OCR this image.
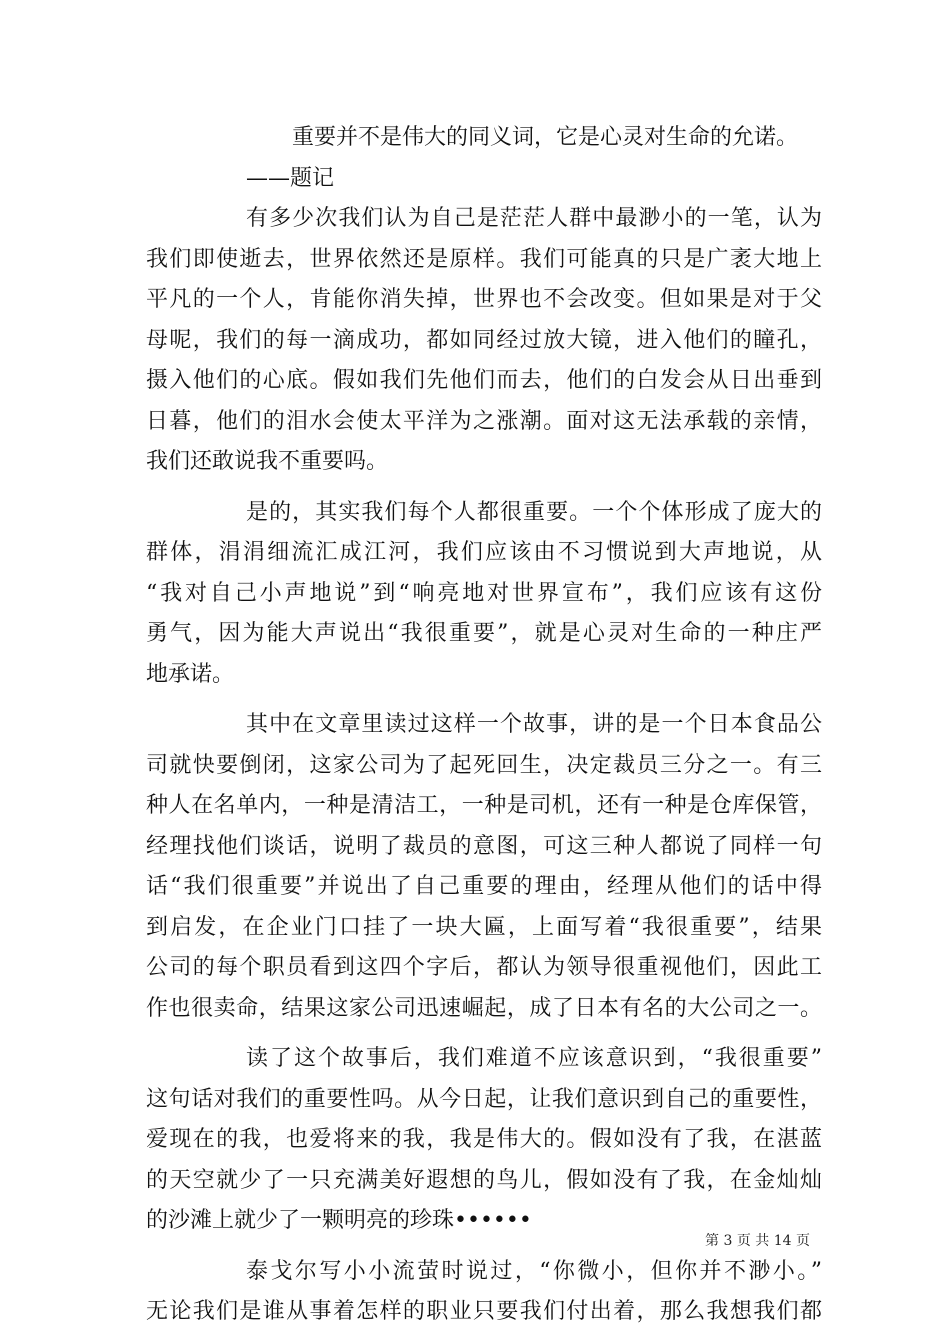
重要并不是伟大的同义词，它是心灵对生命的允诺。
——题记
有多少次我们认为自己是茫茫人群中最渺小的一笔，认为
我们即使逝去，世界依然还是原样。我们可能真的只是广袤大地上
平凡的一个人，肯能你消失掉，世界也不会改变。但如果是对于父
母呢，我们的每一滴成功，都如同经过放大镜，进入他们的瞳孔，
摄入他们的心底。假如我们先他们而去，他们的白发会从日出垂到
日暮，他们的泪水会使太平洋为之涨潮。面对这无法承载的亲情，
我们还敢说我不重要吗。
是的，其实我们每个人都很重要。一个个体形成了庞大的
群体，涓涓细流汇成江河，我们应该由不习惯说到大声地说，从
“我对自己小声地说”到“响亮地对世界宣布”，我们应该有这份
勇气，因为能大声说出“我很重要”，就是心灵对生命的一种庄严
地承诺。
其中在文章里读过这样一个故事，讲的是一个日本食品公
司就快要倒闭，这家公司为了起死回生，决定裁员三分之一。有三
种人在名单内，一种是清洁工，一种是司机，还有一种是仓库保管，
经理找他们谈话，说明了裁员的意图，可这三种人都说了同样一句
话“我们很重要”并说出了自己重要的理由，经理从他们的话中得
到启发，在企业门口挂了一块大匾，上面写着“我很重要”，结果
公司的每个职员看到这四个字后，都认为领导很重视他们，因此工
作也很卖命，结果这家公司迅速崛起，成了日本有名的大公司之一。
读了这个故事后，我们难道不应该意识到，“我很重要”
这句话对我们的重要性吗。从今日起，让我们意识到自己的重要性，
爱现在的我，也爱将来的我，我是伟大的。假如没有了我，在湛蓝
的天空就少了一只充满美好遐想的鸟儿，假如没有了我，在金灿灿
的沙滩上就少了一颗明亮的珍珠••••••
泰戈尔写小小流萤时说过，“你微小，但你并不渺小。”
无论我们是谁从事着怎样的职业只要我们付出着，那么我想我们都
第 3 页 共 14 页
